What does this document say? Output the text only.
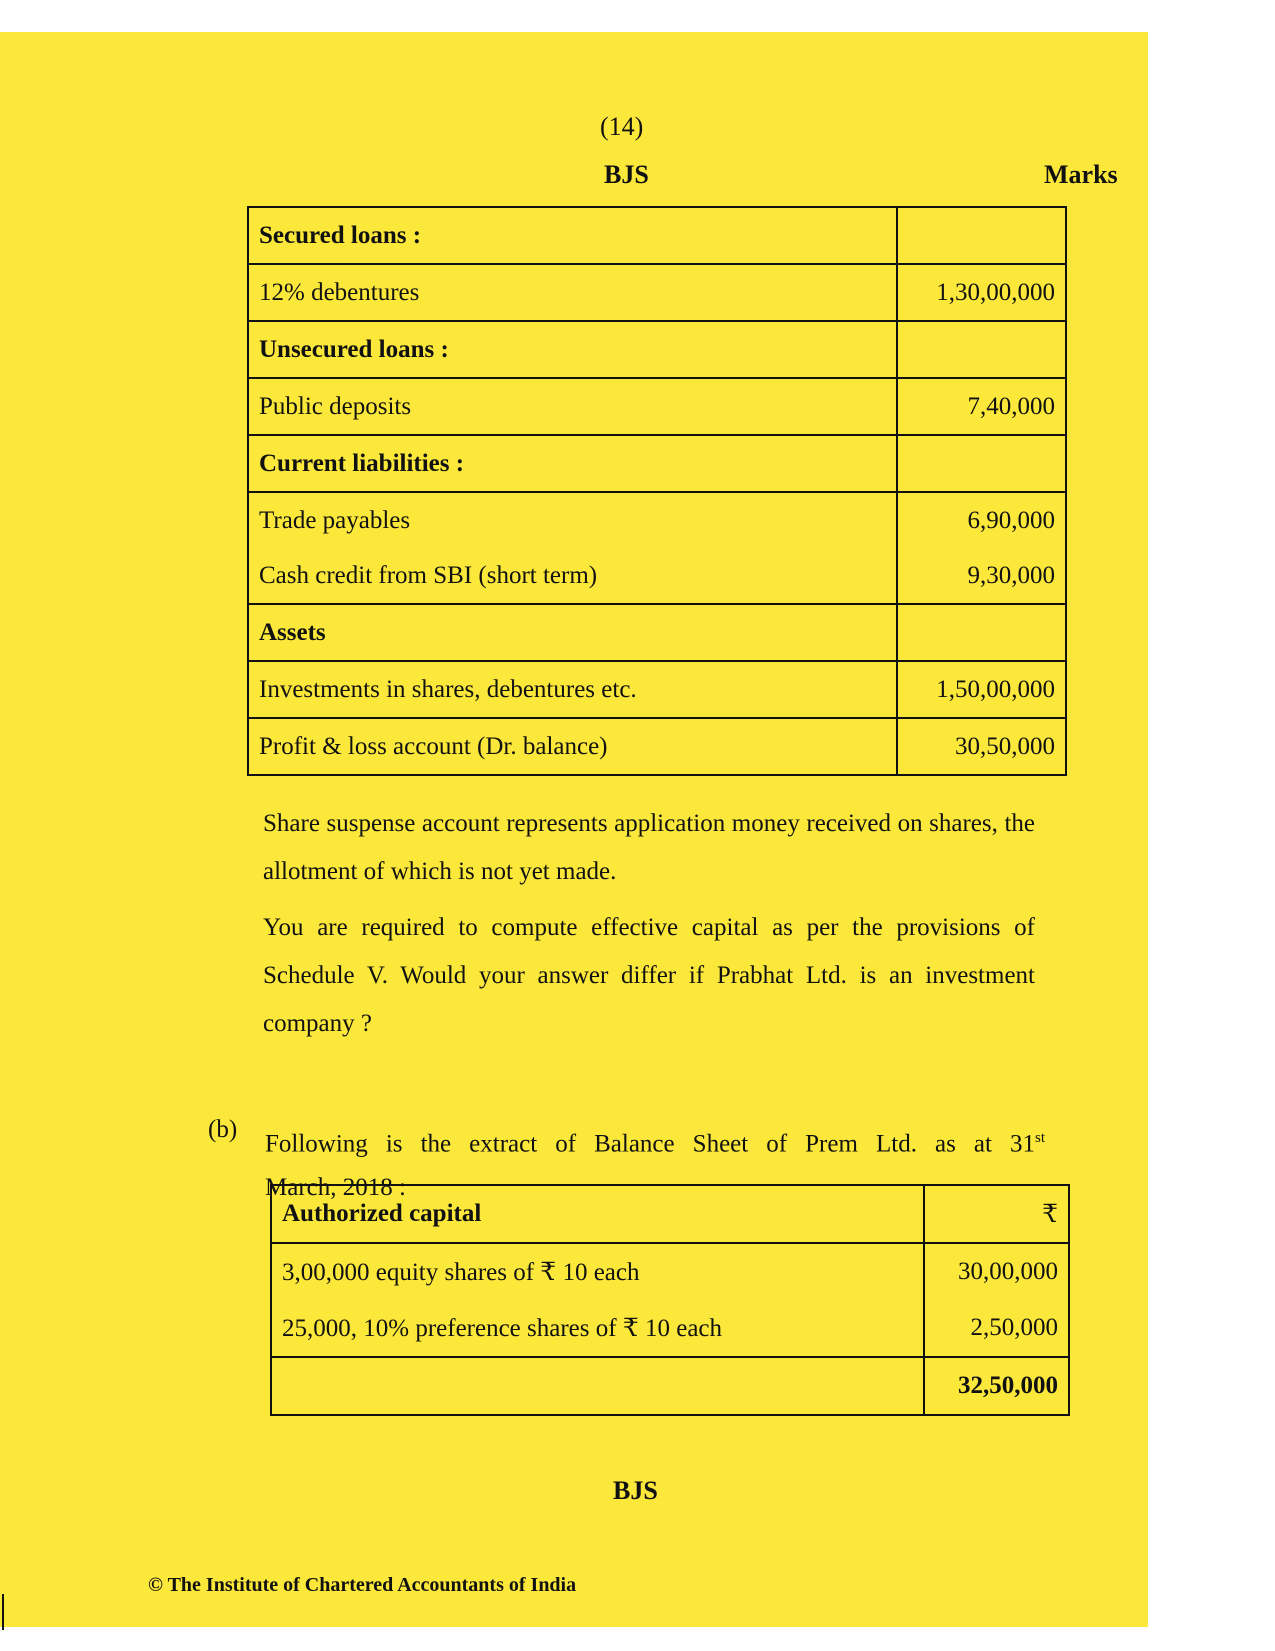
(14)
BJS	Marks
Secured loans :	
12% debentures	1,30,00,000
Unsecured loans :	
Public deposits	7,40,000
Current liabilities :	
Trade payables	6,90,000
Cash credit from SBI (short term)	9,30,000
Assets	
Investments in shares, debentures etc.	1,50,00,000
Profit & loss account (Dr. balance)	30,50,000
Share suspense account represents application money received on shares, the allotment of which is not yet made.
You are required to compute effective capital as per the provisions of Schedule V. Would your answer differ if Prabhat Ltd. is an investment company ?
(b)
Following is the extract of Balance Sheet of Prem Ltd. as at 31st
March, 2018 :
Authorized capital	₹
3,00,000 equity shares of ₹ 10 each	30,00,000
25,000, 10% preference shares of ₹ 10 each	2,50,000
	32,50,000
BJS
© The Institute of Chartered Accountants of India
